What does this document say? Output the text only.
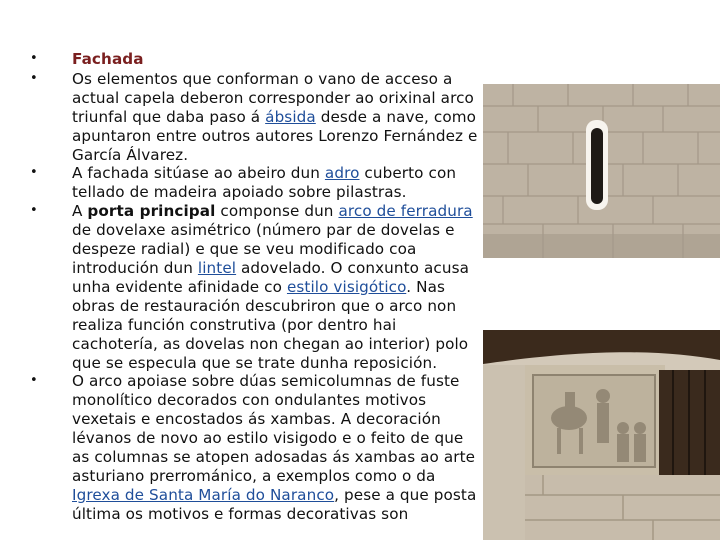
• Fachada
• Os elementos que conforman o vano de acceso a actual capela deberon corresponder ao orixinal arco triunfal que daba paso á ábsida desde a nave, como apuntaron entre outros autores Lorenzo Fernández e García Álvarez.
• A fachada sitúase ao abeiro dun adro cuberto con tellado de madeira apoiado sobre pilastras.
• A porta principal componse dun arco de ferradura de dovelaxe asimétrico (número par de dovelas e despeze radial) e que se veu modificado coa introdución dun lintel adovelado. O conxunto acusa unha evidente afinidade co estilo visigótico. Nas obras de restauración descubriron que o arco non realiza función construtiva (por dentro hai cachotería, as dovelas non chegan ao interior) polo que se especula que se trate dunha reposición.
• O arco apoiase sobre dúas semicolumnas de fuste monolítico decorados con ondulantes motivos vexetais e encostados ás xambas. A decoración lévanos de novo ao estilo visigodo e o feito de que as columnas se atopen adosadas ás xambas ao arte asturiano prerrománico, a exemplos como o da Igrexa de Santa María do Naranco, pese a que posta última os motivos e formas decorativas son
